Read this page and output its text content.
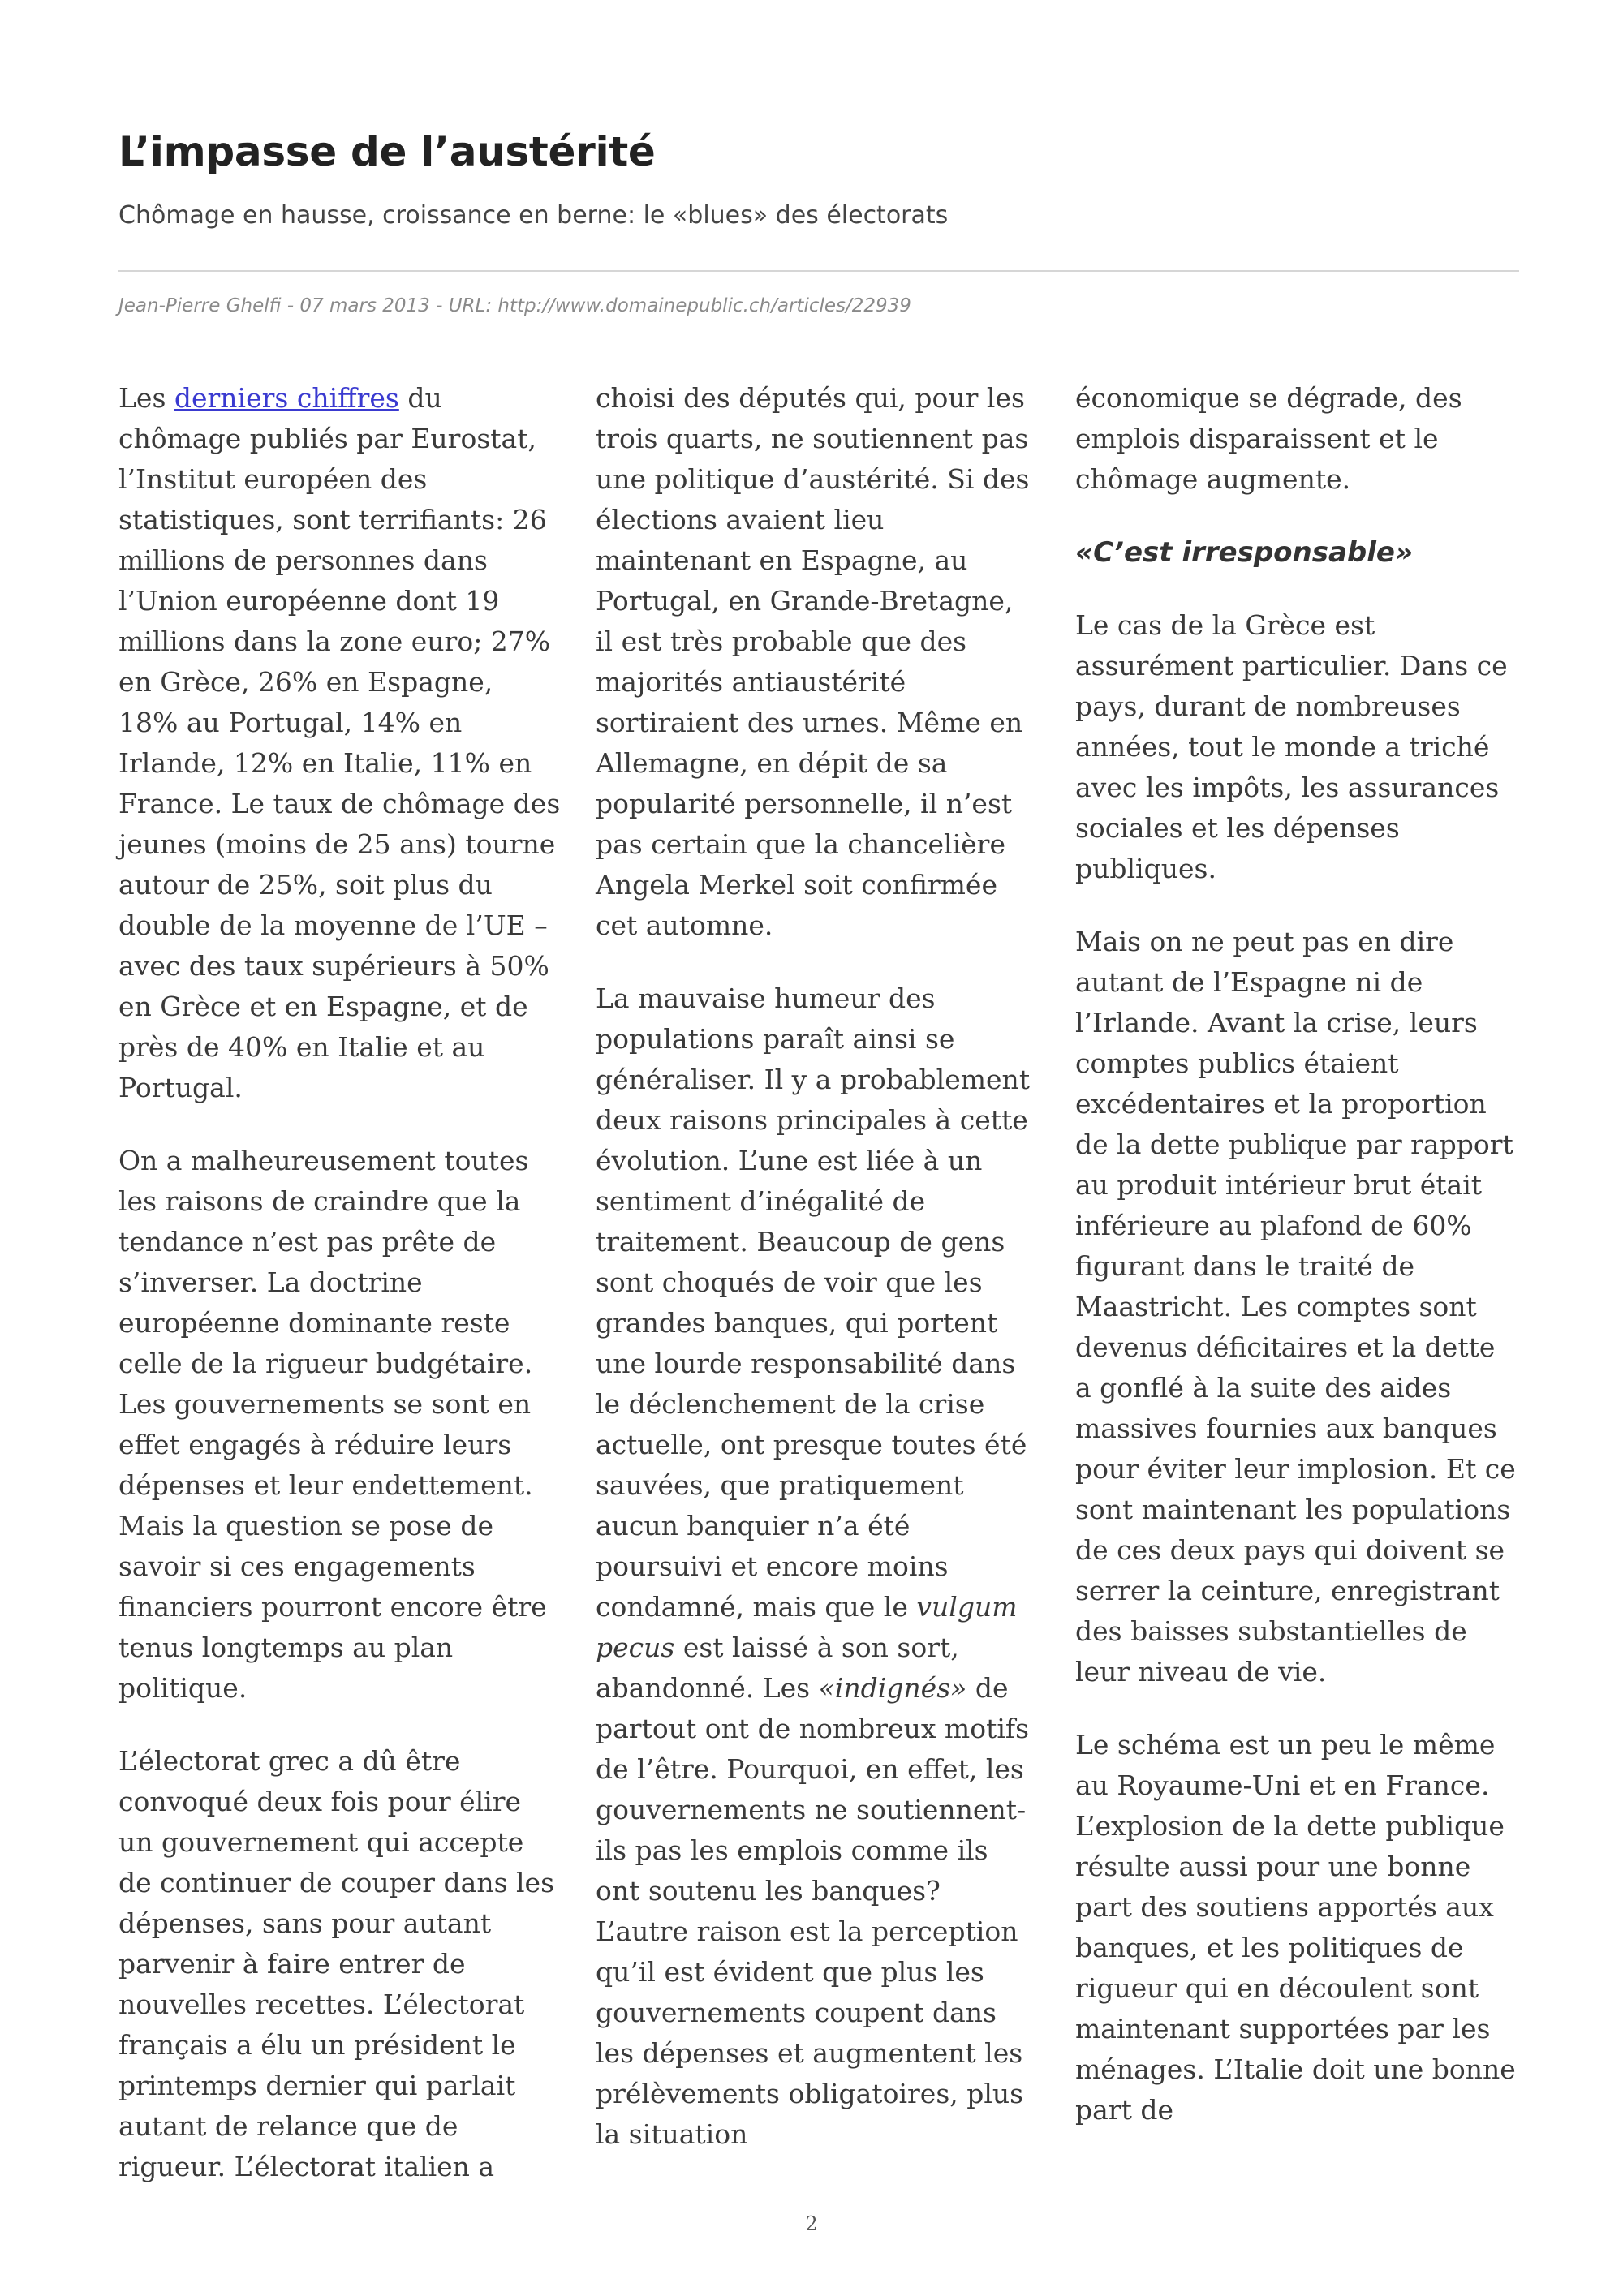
L’impasse de l’austérité

Chômage en hausse, croissance en berne: le «blues» des électorats

Jean-Pierre Ghelfi - 07 mars 2013 - URL: http://www.domainepublic.ch/articles/22939

Les derniers chiffres du chômage publiés par Eurostat, l’Institut européen des statistiques, sont terrifiants: 26 millions de personnes dans l’Union européenne dont 19 millions dans la zone euro; 27% en Grèce, 26% en Espagne, 18% au Portugal, 14% en Irlande, 12% en Italie, 11% en France. Le taux de chômage des jeunes (moins de 25 ans) tourne autour de 25%, soit plus du double de la moyenne de l’UE – avec des taux supérieurs à 50% en Grèce et en Espagne, et de près de 40% en Italie et au Portugal.

On a malheureusement toutes les raisons de craindre que la tendance n’est pas prête de s’inverser. La doctrine européenne dominante reste celle de la rigueur budgétaire. Les gouvernements se sont en effet engagés à réduire leurs dépenses et leur endettement. Mais la question se pose de savoir si ces engagements financiers pourront encore être tenus longtemps au plan politique.

L’électorat grec a dû être convoqué deux fois pour élire un gouvernement qui accepte de continuer de couper dans les dépenses, sans pour autant parvenir à faire entrer de nouvelles recettes. L’électorat français a élu un président le printemps dernier qui parlait autant de relance que de rigueur. L’électorat italien a

choisi des députés qui, pour les trois quarts, ne soutiennent pas une politique d’austérité. Si des élections avaient lieu maintenant en Espagne, au Portugal, en Grande-Bretagne, il est très probable que des majorités antiaustérité sortiraient des urnes. Même en Allemagne, en dépit de sa popularité personnelle, il n’est pas certain que la chancelière Angela Merkel soit confirmée cet automne.

La mauvaise humeur des populations paraît ainsi se généraliser. Il y a probablement deux raisons principales à cette évolution. L’une est liée à un sentiment d’inégalité de traitement. Beaucoup de gens sont choqués de voir que les grandes banques, qui portent une lourde responsabilité dans le déclenchement de la crise actuelle, ont presque toutes été sauvées, que pratiquement aucun banquier n’a été poursuivi et encore moins condamné, mais que le vulgum pecus est laissé à son sort, abandonné. Les «indignés» de partout ont de nombreux motifs de l’être. Pourquoi, en effet, les gouvernements ne soutiennent-ils pas les emplois comme ils ont soutenu les banques? L’autre raison est la perception qu’il est évident que plus les gouvernements coupent dans les dépenses et augmentent les prélèvements obligatoires, plus la situation

économique se dégrade, des emplois disparaissent et le chômage augmente.

«C’est irresponsable»

Le cas de la Grèce est assurément particulier. Dans ce pays, durant de nombreuses années, tout le monde a triché avec les impôts, les assurances sociales et les dépenses publiques.

Mais on ne peut pas en dire autant de l’Espagne ni de l’Irlande. Avant la crise, leurs comptes publics étaient excédentaires et la proportion de la dette publique par rapport au produit intérieur brut était inférieure au plafond de 60% figurant dans le traité de Maastricht. Les comptes sont devenus déficitaires et la dette a gonflé à la suite des aides massives fournies aux banques pour éviter leur implosion. Et ce sont maintenant les populations de ces deux pays qui doivent se serrer la ceinture, enregistrant des baisses substantielles de leur niveau de vie.

Le schéma est un peu le même au Royaume-Uni et en France. L’explosion de la dette publique résulte aussi pour une bonne part des soutiens apportés aux banques, et les politiques de rigueur qui en découlent sont maintenant supportées par les ménages. L’Italie doit une bonne part de

2
